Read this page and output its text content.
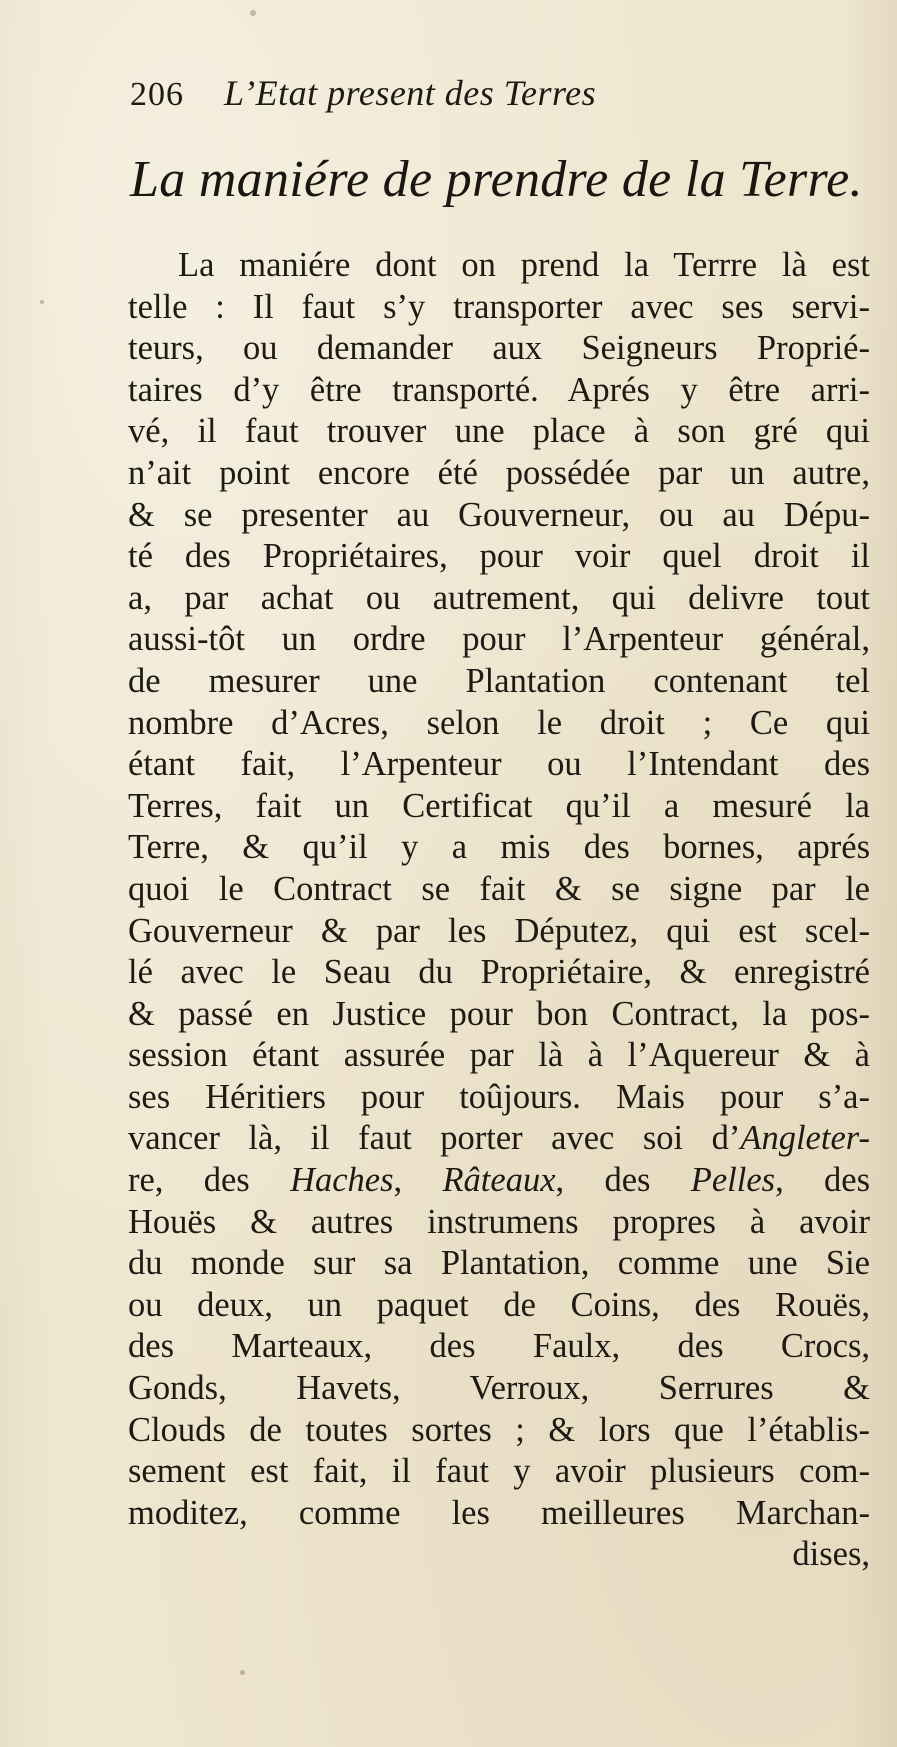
206 L’Etat present des Terres
La maniére de prendre de la Terre.
La maniére dont on prend la Terrre là est
telle : Il faut s’y transporter avec ses servi-
teurs, ou demander aux Seigneurs Proprié-
taires d’y être transporté. Aprés y être arri-
vé, il faut trouver une place à son gré qui
n’ait point encore été possédée par un autre,
& se presenter au Gouverneur, ou au Dépu-
té des Propriétaires, pour voir quel droit il
a, par achat ou autrement, qui delivre tout
aussi-tôt un ordre pour l’Arpenteur général,
de mesurer une Plantation contenant tel
nombre d’Acres, selon le droit ; Ce qui
étant fait, l’Arpenteur ou l’Intendant des
Terres, fait un Certificat qu’il a mesuré la
Terre, & qu’il y a mis des bornes, aprés
quoi le Contract se fait & se signe par le
Gouverneur & par les Députez, qui est scel-
lé avec le Seau du Propriétaire, & enregistré
& passé en Justice pour bon Contract, la pos-
session étant assurée par là à l’Aquereur & à
ses Héritiers pour toûjours. Mais pour s’a-
vancer là, il faut porter avec soi d’Angleter-
re, des Haches, Râteaux, des Pelles, des
Houës & autres instrumens propres à avoir
du monde sur sa Plantation, comme une Sie
ou deux, un paquet de Coins, des Rouës,
des Marteaux, des Faulx, des Crocs,
Gonds, Havets, Verroux, Serrures &
Clouds de toutes sortes ; & lors que l’établis-
sement est fait, il faut y avoir plusieurs com-
moditez, comme les meilleures Marchan-
dises,
